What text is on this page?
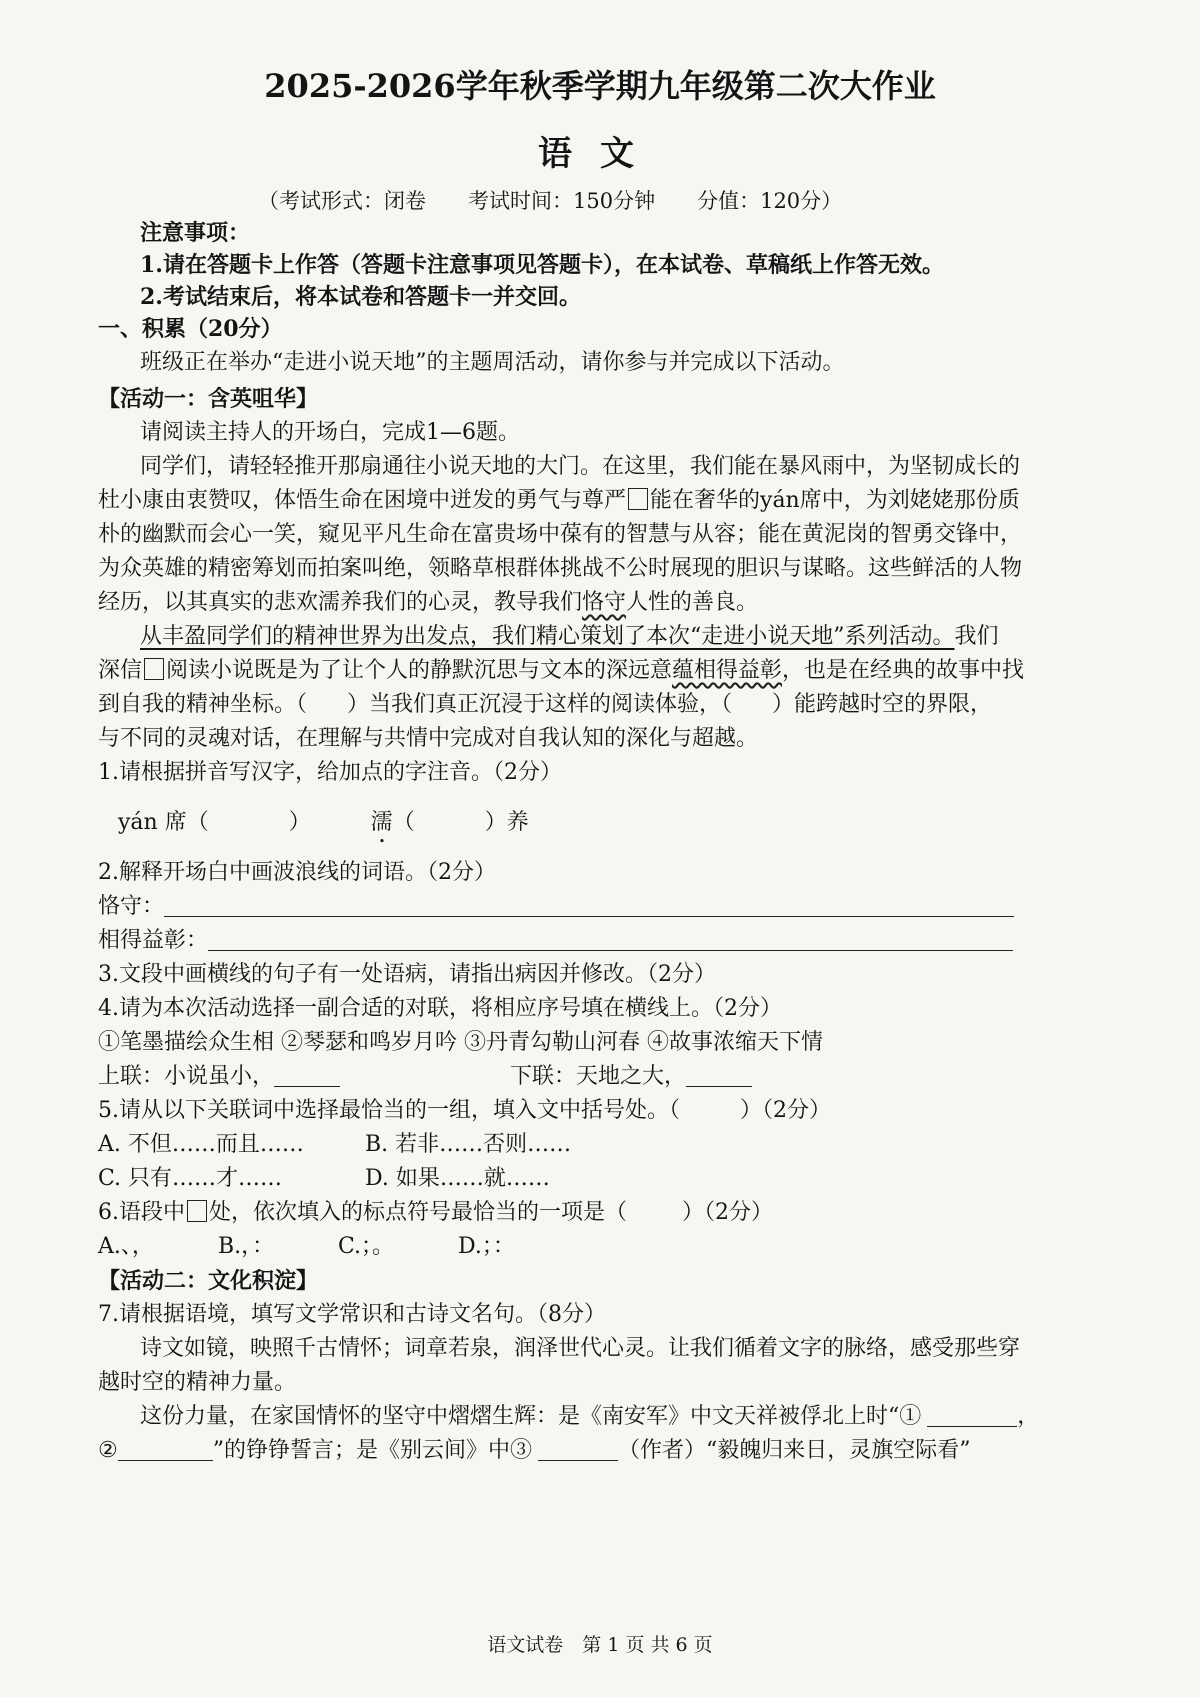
2025-2026学年秋季学期九年级第二次大作业
语文
（考试形式：闭卷　　考试时间：150分钟　　分值：120分）
注意事项：
1.请在答题卡上作答（答题卡注意事项见答题卡），在本试卷、草稿纸上作答无效。
2.考试结束后，将本试卷和答题卡一并交回。
一、积累（20分）
班级正在举办“走进小说天地”的主题周活动，请你参与并完成以下活动。
【活动一：含英咀华】
请阅读主持人的开场白，完成1—6题。
同学们，请轻轻推开那扇通往小说天地的大门。在这里，我们能在暴风雨中，为坚韧成长的
杜小康由衷赞叹，体悟生命在困境中迸发的勇气与尊严 能在奢华的yán席中，为刘姥姥那份质
朴的幽默而会心一笑，窥见平凡生命在富贵场中葆有的智慧与从容；能在黄泥岗的智勇交锋中，
为众英雄的精密筹划而拍案叫绝，领略草根群体挑战不公时展现的胆识与谋略。这些鲜活的人物
经历，以其真实的悲欢濡养我们的心灵，教导我们恪守人性的善良。
从丰盈同学们的精神世界为出发点，我们精心策划了本次“走进小说天地”系列活动。我们
深信 阅读小说既是为了让个人的静默沉思与文本的深远意蕴相得益彰，也是在经典的故事中找
到自我的精神坐标。（ ）当我们真正沉浸于这样的阅读体验，（ ）能跨越时空的界限，
与不同的灵魂对话，在理解与共情中完成对自我认知的深化与超越。
1.请根据拼音写汉字，给加点的字注音。（2分）
yán 席（	）	濡（	）养
2.解释开场白中画波浪线的词语。（2分）
恪守：
相得益彰：
3.文段中画横线的句子有一处语病，请指出病因并修改。（2分）
4.请为本次活动选择一副合适的对联，将相应序号填在横线上。（2分）
①笔墨描绘众生相 ②琴瑟和鸣岁月吟 ③丹青勾勒山河春 ④故事浓缩天下情
上联：小说虽小，	下联：天地之大，
5.请从以下关联词中选择最恰当的一组，填入文中括号处。（	）（2分）
A. 不但……而且……	B. 若非……否则……
C. 只有……才……	D. 如果……就……
6.语段中 处，依次填入的标点符号最恰当的一项是（	）（2分）
A.、，	B.，：	C.；。	D.；：
【活动二：文化积淀】
7.请根据语境，填写文学常识和古诗文名句。（8分）
诗文如镜，映照千古情怀；词章若泉，润泽世代心灵。让我们循着文字的脉络，感受那些穿
越时空的精神力量。
这份力量，在家国情怀的坚守中熠熠生辉：是《南安军》中文天祥被俘北上时“①	，
②	”的铮铮誓言；是《别云间》中③	（作者）“毅魄归来日，灵旗空际看”
语文试卷　第 1 页 共 6 页
